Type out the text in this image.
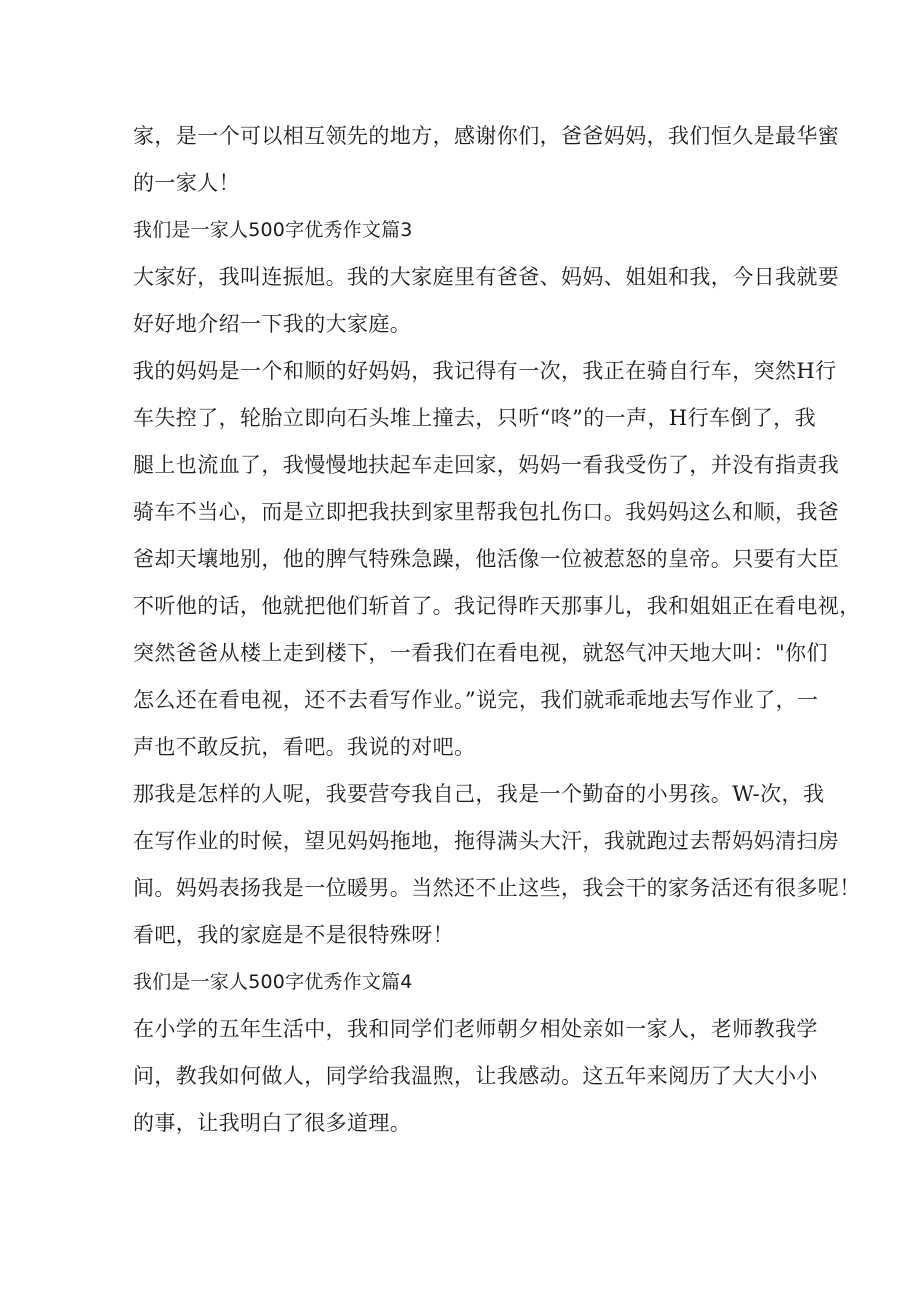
家，是一个可以相互领先的地方，感谢你们，爸爸妈妈，我们恒久是最华蜜
的一家人！
我们是一家人500字优秀作文篇3
大家好，我叫连振旭。我的大家庭里有爸爸、妈妈、姐姐和我，今日我就要
好好地介绍一下我的大家庭。
我的妈妈是一个和顺的好妈妈，我记得有一次，我正在骑自行车，突然H行
车失控了，轮胎立即向石头堆上撞去，只听“咚”的一声，H行车倒了，我
腿上也流血了，我慢慢地扶起车走回家，妈妈一看我受伤了，并没有指责我
骑车不当心，而是立即把我扶到家里帮我包扎伤口。我妈妈这么和顺，我爸
爸却天壤地别，他的脾气特殊急躁，他活像一位被惹怒的皇帝。只要有大臣
不听他的话，他就把他们斩首了。我记得昨天那事儿，我和姐姐正在看电视，
突然爸爸从楼上走到楼下，一看我们在看电视，就怒气冲天地大叫："你们
怎么还在看电视，还不去看写作业。”说完，我们就乖乖地去写作业了，一
声也不敢反抗，看吧。我说的对吧。
那我是怎样的人呢，我要营夸我自己，我是一个勤奋的小男孩。W-次，我
在写作业的时候，望见妈妈拖地，拖得满头大汗，我就跑过去帮妈妈清扫房
间。妈妈表扬我是一位暖男。当然还不止这些，我会干的家务活还有很多呢！
看吧，我的家庭是不是很特殊呀！
我们是一家人500字优秀作文篇4
在小学的五年生活中，我和同学们老师朝夕相处亲如一家人，老师教我学
问，教我如何做人，同学给我温煦，让我感动。这五年来阅历了大大小小
的事，让我明白了很多道理。
